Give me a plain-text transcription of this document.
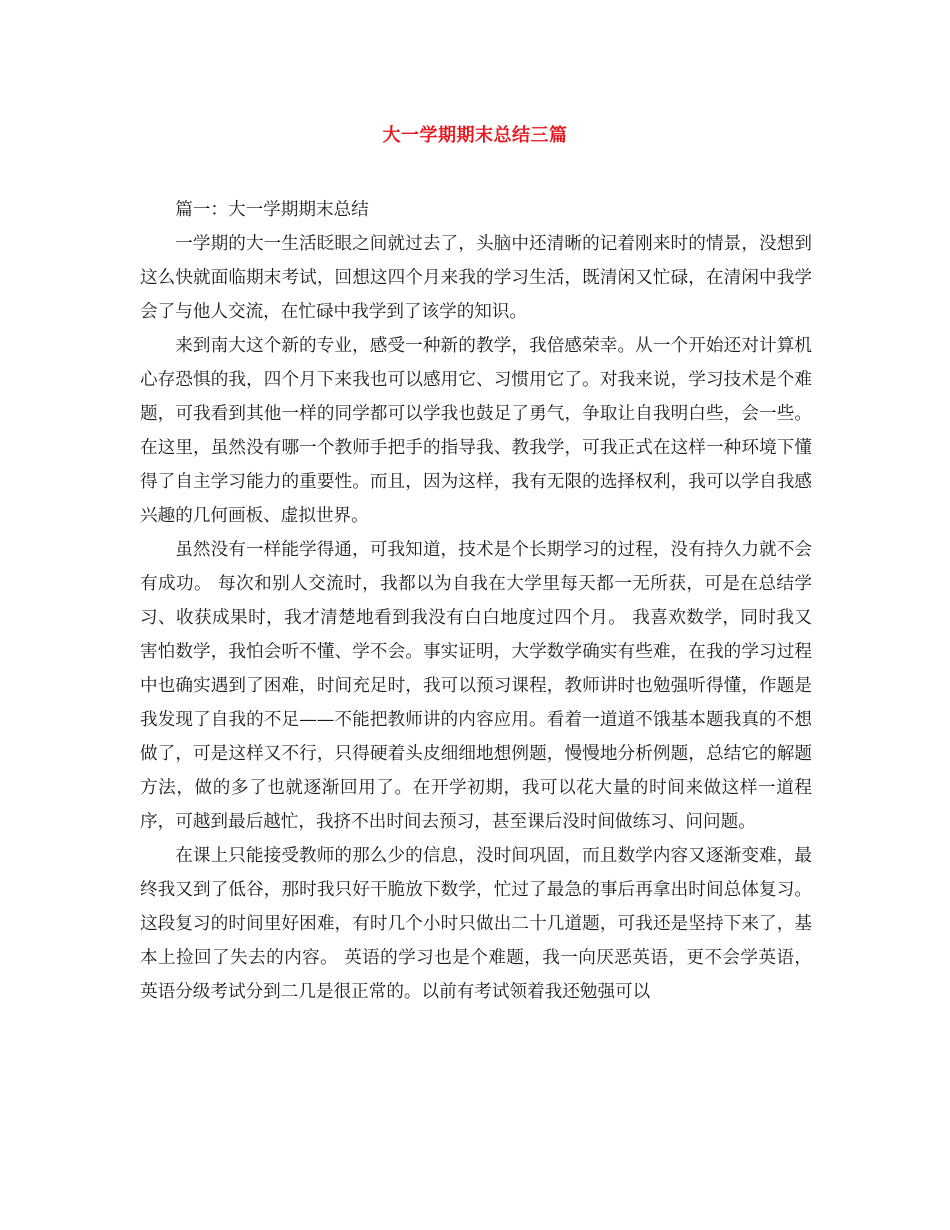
大一学期期末总结三篇

篇一：大一学期期末总结

一学期的大一生活眨眼之间就过去了，头脑中还清晰的记着刚来时的情景，没想到这么快就面临期末考试，回想这四个月来我的学习生活，既清闲又忙碌，在清闲中我学会了与他人交流，在忙碌中我学到了该学的知识。

来到南大这个新的专业，感受一种新的教学，我倍感荣幸。从一个开始还对计算机心存恐惧的我，四个月下来我也可以感用它、习惯用它了。对我来说，学习技术是个难题，可我看到其他一样的同学都可以学我也鼓足了勇气，争取让自我明白些，会一些。在这里，虽然没有哪一个教师手把手的指导我、教我学，可我正式在这样一种环境下懂得了自主学习能力的重要性。而且，因为这样，我有无限的选择权利，我可以学自我感兴趣的几何画板、虚拟世界。

虽然没有一样能学得通，可我知道，技术是个长期学习的过程，没有持久力就不会有成功。 每次和别人交流时，我都以为自我在大学里每天都一无所获，可是在总结学习、收获成果时，我才清楚地看到我没有白白地度过四个月。 我喜欢数学，同时我又害怕数学，我怕会听不懂、学不会。事实证明，大学数学确实有些难，在我的学习过程中也确实遇到了困难，时间充足时，我可以预习课程，教师讲时也勉强听得懂，作题是我发现了自我的不足——不能把教师讲的内容应用。看着一道道不饿基本题我真的不想做了，可是这样又不行，只得硬着头皮细细地想例题，慢慢地分析例题，总结它的解题方法，做的多了也就逐渐回用了。在开学初期，我可以花大量的时间来做这样一道程序，可越到最后越忙，我挤不出时间去预习，甚至课后没时间做练习、问问题。

在课上只能接受教师的那么少的信息，没时间巩固，而且数学内容又逐渐变难，最终我又到了低谷，那时我只好干脆放下数学，忙过了最急的事后再拿出时间总体复习。这段复习的时间里好困难，有时几个小时只做出二十几道题，可我还是坚持下来了，基本上捡回了失去的内容。 英语的学习也是个难题，我一向厌恶英语，更不会学英语，英语分级考试分到二几是很正常的。以前有考试领着我还勉强可以
